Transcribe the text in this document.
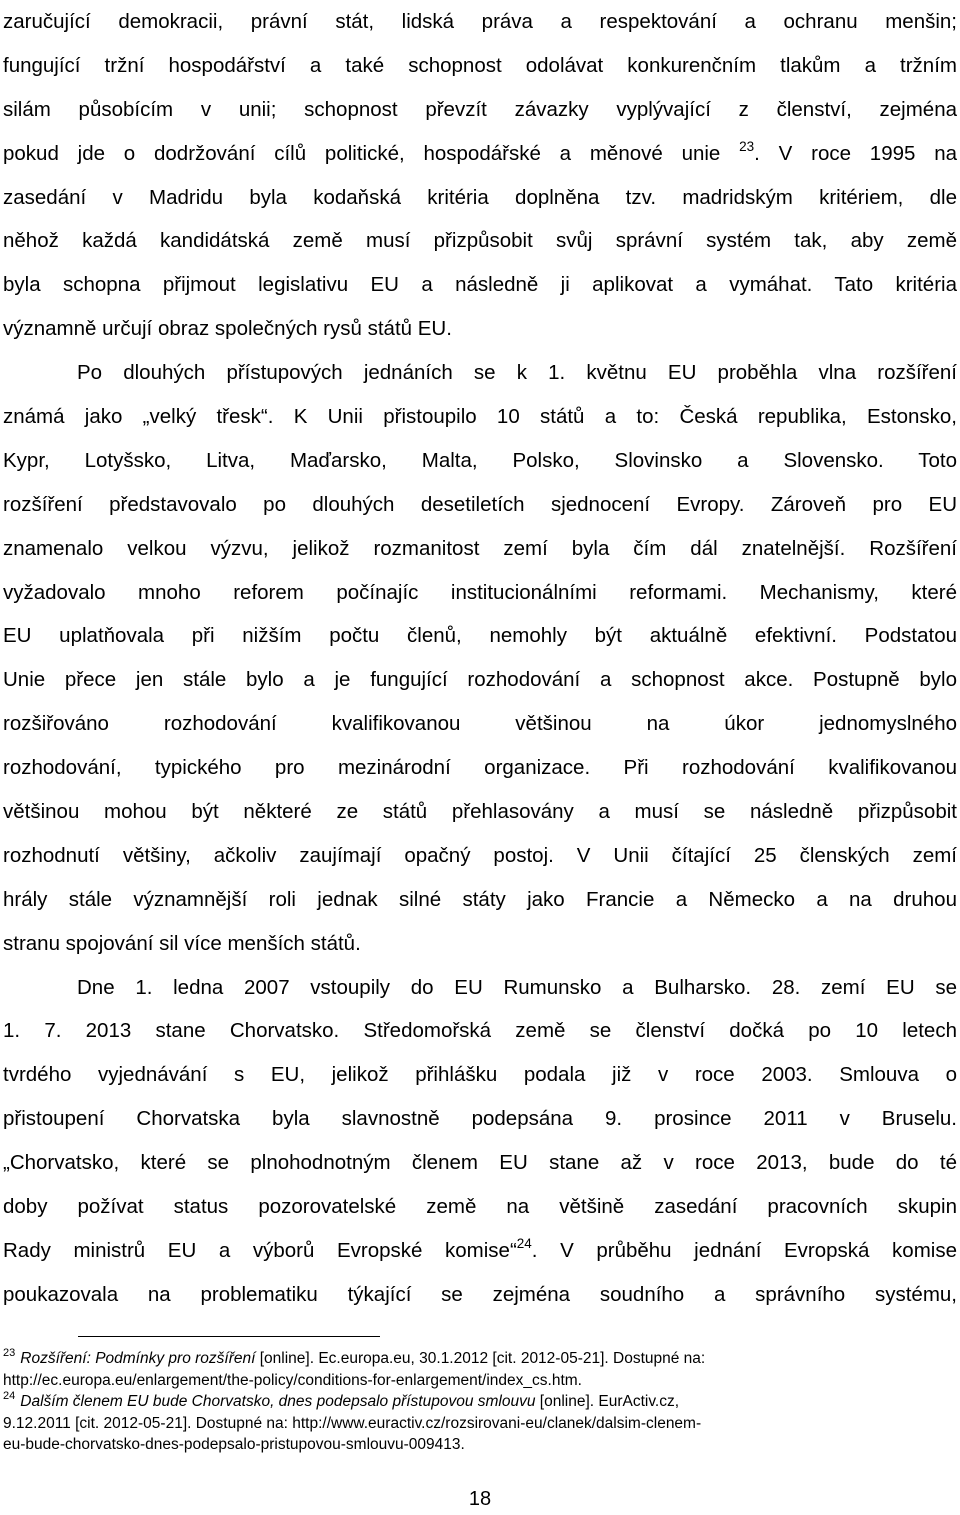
zaručující demokracii, právní stát, lidská práva a respektování a ochranu menšin;
fungující tržní hospodářství a také schopnost odolávat konkurenčním tlakům a tržním
silám působícím v unii; schopnost převzít závazky vyplývající z členství, zejména
pokud jde o dodržování cílů politické, hospodářské a měnové unie $^{23}$. V roce 1995 na
zasedání v Madridu byla kodaňská kritéria doplněna tzv. madridským kritériem, dle
něhož každá kandidátská země musí přizpůsobit svůj správní systém tak, aby země
byla schopna přijmout legislativu EU a následně ji aplikovat a vymáhat. Tato kritéria
významně určují obraz společných rysů států EU.
Po dlouhých přístupových jednáních se k 1. květnu EU proběhla vlna rozšíření
známá jako „velký třesk“. K Unii přistoupilo 10 států a to: Česká republika, Estonsko,
Kypr, Lotyšsko, Litva, Maďarsko, Malta, Polsko, Slovinsko a Slovensko. Toto
rozšíření představovalo po dlouhých desetiletích sjednocení Evropy. Zároveň pro EU
znamenalo velkou výzvu, jelikož rozmanitost zemí byla čím dál znatelnější. Rozšíření
vyžadovalo mnoho reforem počínajíc institucionálními reformami. Mechanismy, které
EU uplatňovala při nižším počtu členů, nemohly být aktuálně efektivní. Podstatou
Unie přece jen stále bylo a je fungující rozhodování a schopnost akce. Postupně bylo
rozšiřováno rozhodování kvalifikovanou většinou na úkor jednomyslného
rozhodování, typického pro mezinárodní organizace. Při rozhodování kvalifikovanou
většinou mohou být některé ze států přehlasovány a musí se následně přizpůsobit
rozhodnutí většiny, ačkoliv zaujímají opačný postoj. V Unii čítající 25 členských zemí
hrály stále významnější roli jednak silné státy jako Francie a Německo a na druhou
stranu spojování sil více menších států.
Dne 1. ledna 2007 vstoupily do EU Rumunsko a Bulharsko. 28. zemí EU se
1. 7. 2013 stane Chorvatsko. Středomořská země se členství dočká po 10 letech
tvrdého vyjednávání s EU, jelikož přihlášku podala již v roce 2003. Smlouva o
přistoupení Chorvatska byla slavnostně podepsána 9. prosince 2011 v Bruselu.
„Chorvatsko, které se plnohodnotným členem EU stane až v roce 2013, bude do té
doby požívat status pozorovatelské země na většině zasedání pracovních skupin
Rady ministrů EU a výborů Evropské komise“$^{24}$. V průběhu jednání Evropská komise
poukazovala na problematiku týkající se zejména soudního a správního systému,
$^{23}$ Rozšíření: Podmínky pro rozšíření [online]. Ec.europa.eu, 30.1.2012 [cit. 2012-05-21]. Dostupné na:
http://ec.europa.eu/enlargement/the-policy/conditions-for-enlargement/index_cs.htm.
$^{24}$ Dalším členem EU bude Chorvatsko, dnes podepsalo přístupovou smlouvu [online]. EurActiv.cz,
9.12.2011 [cit. 2012-05-21]. Dostupné na: http://www.euractiv.cz/rozsirovani-eu/clanek/dalsim-clenem-
eu-bude-chorvatsko-dnes-podepsalo-pristupovou-smlouvu-009413.
18
